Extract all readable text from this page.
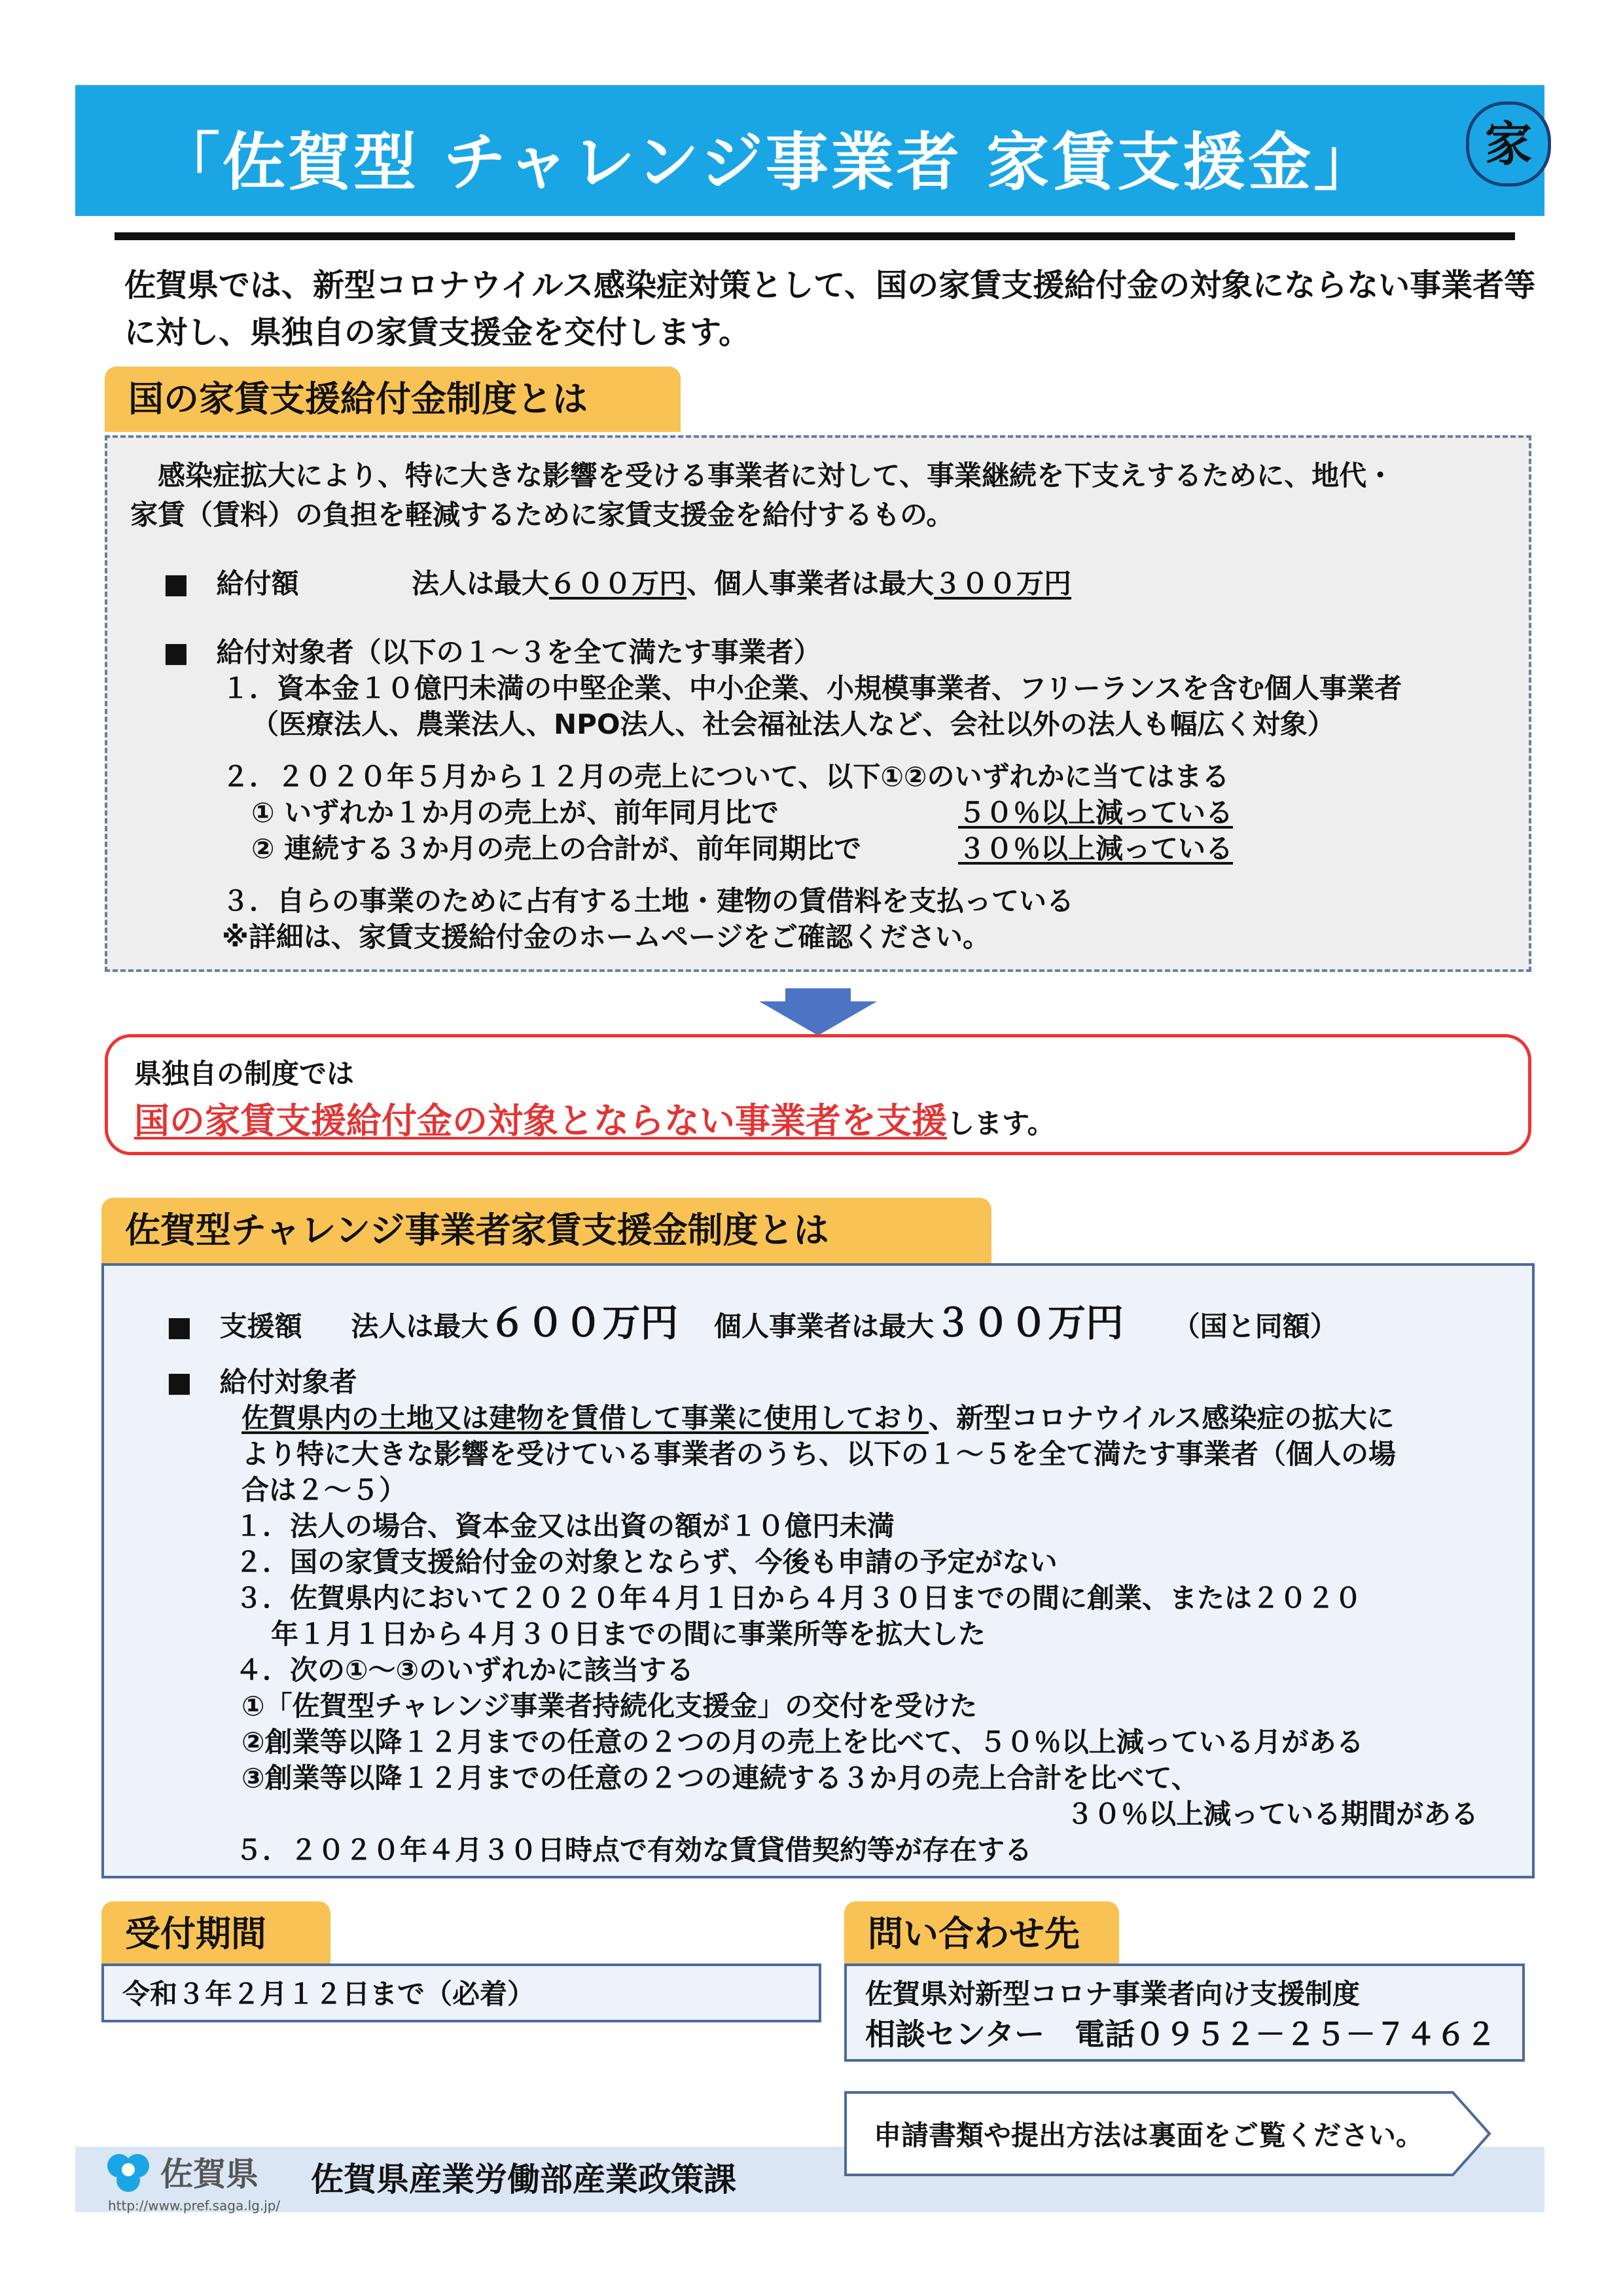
「佐賀型 チャレンジ事業者 家賃支援金」	家
佐賀県では、新型コロナウイルス感染症対策として、国の家賃支援給付金の対象にならない事業者等に対し、県独自の家賃支援金を交付します。
国の家賃支援給付金制度とは
　感染症拡大により、特に大きな影響を受ける事業者に対して、事業継続を下支えするために、地代・
家賃（賃料）の負担を軽減するために家賃支援金を給付するもの。
■　給付額	法人は最大６００万円、個人事業者は最大３００万円
■　給付対象者（以下の１～３を全て満たす事業者）
１．資本金１０億円未満の中堅企業、中小企業、小規模事業者、フリーランスを含む個人事業者
（医療法人、農業法人、NPO法人、社会福祉法人など、会社以外の法人も幅広く対象）
２．２０２０年５月から１２月の売上について、以下①②のいずれかに当てはまる
① いずれか１か月の売上が、前年同月比で	５０％以上減っている
② 連続する３か月の売上の合計が、前年同期比で	３０％以上減っている
３．自らの事業のために占有する土地・建物の賃借料を支払っている
※詳細は、家賃支援給付金のホームページをご確認ください。
県独自の制度では
国の家賃支援給付金の対象とならない事業者を支援します。
佐賀型チャレンジ事業者家賃支援金制度とは
■　支援額 法人は最大６００万円 個人事業者は最大３００万円 （国と同額）
■　給付対象者
佐賀県内の土地又は建物を賃借して事業に使用しており、新型コロナウイルス感染症の拡大に
より特に大きな影響を受けている事業者のうち、以下の１～５を全て満たす事業者（個人の場
合は２～５）
１．法人の場合、資本金又は出資の額が１０億円未満
２．国の家賃支援給付金の対象とならず、今後も申請の予定がない
３．佐賀県内において２０２０年４月１日から４月３０日までの間に創業、または２０２０
年１月１日から４月３０日までの間に事業所等を拡大した
４．次の①～③のいずれかに該当する
①「佐賀型チャレンジ事業者持続化支援金」の交付を受けた
②創業等以降１２月までの任意の２つの月の売上を比べて、５０％以上減っている月がある
③創業等以降１２月までの任意の２つの連続する３か月の売上合計を比べて、
３０％以上減っている期間がある
５．２０２０年４月３０日時点で有効な賃貸借契約等が存在する
受付期間
令和３年２月１２日まで（必着）
問い合わせ先
佐賀県対新型コロナ事業者向け支援制度
相談センター　電話０９５２－２５－７４６２
申請書類や提出方法は裏面をご覧ください。
佐賀県
http://www.pref.saga.lg.jp/
佐賀県産業労働部産業政策課
